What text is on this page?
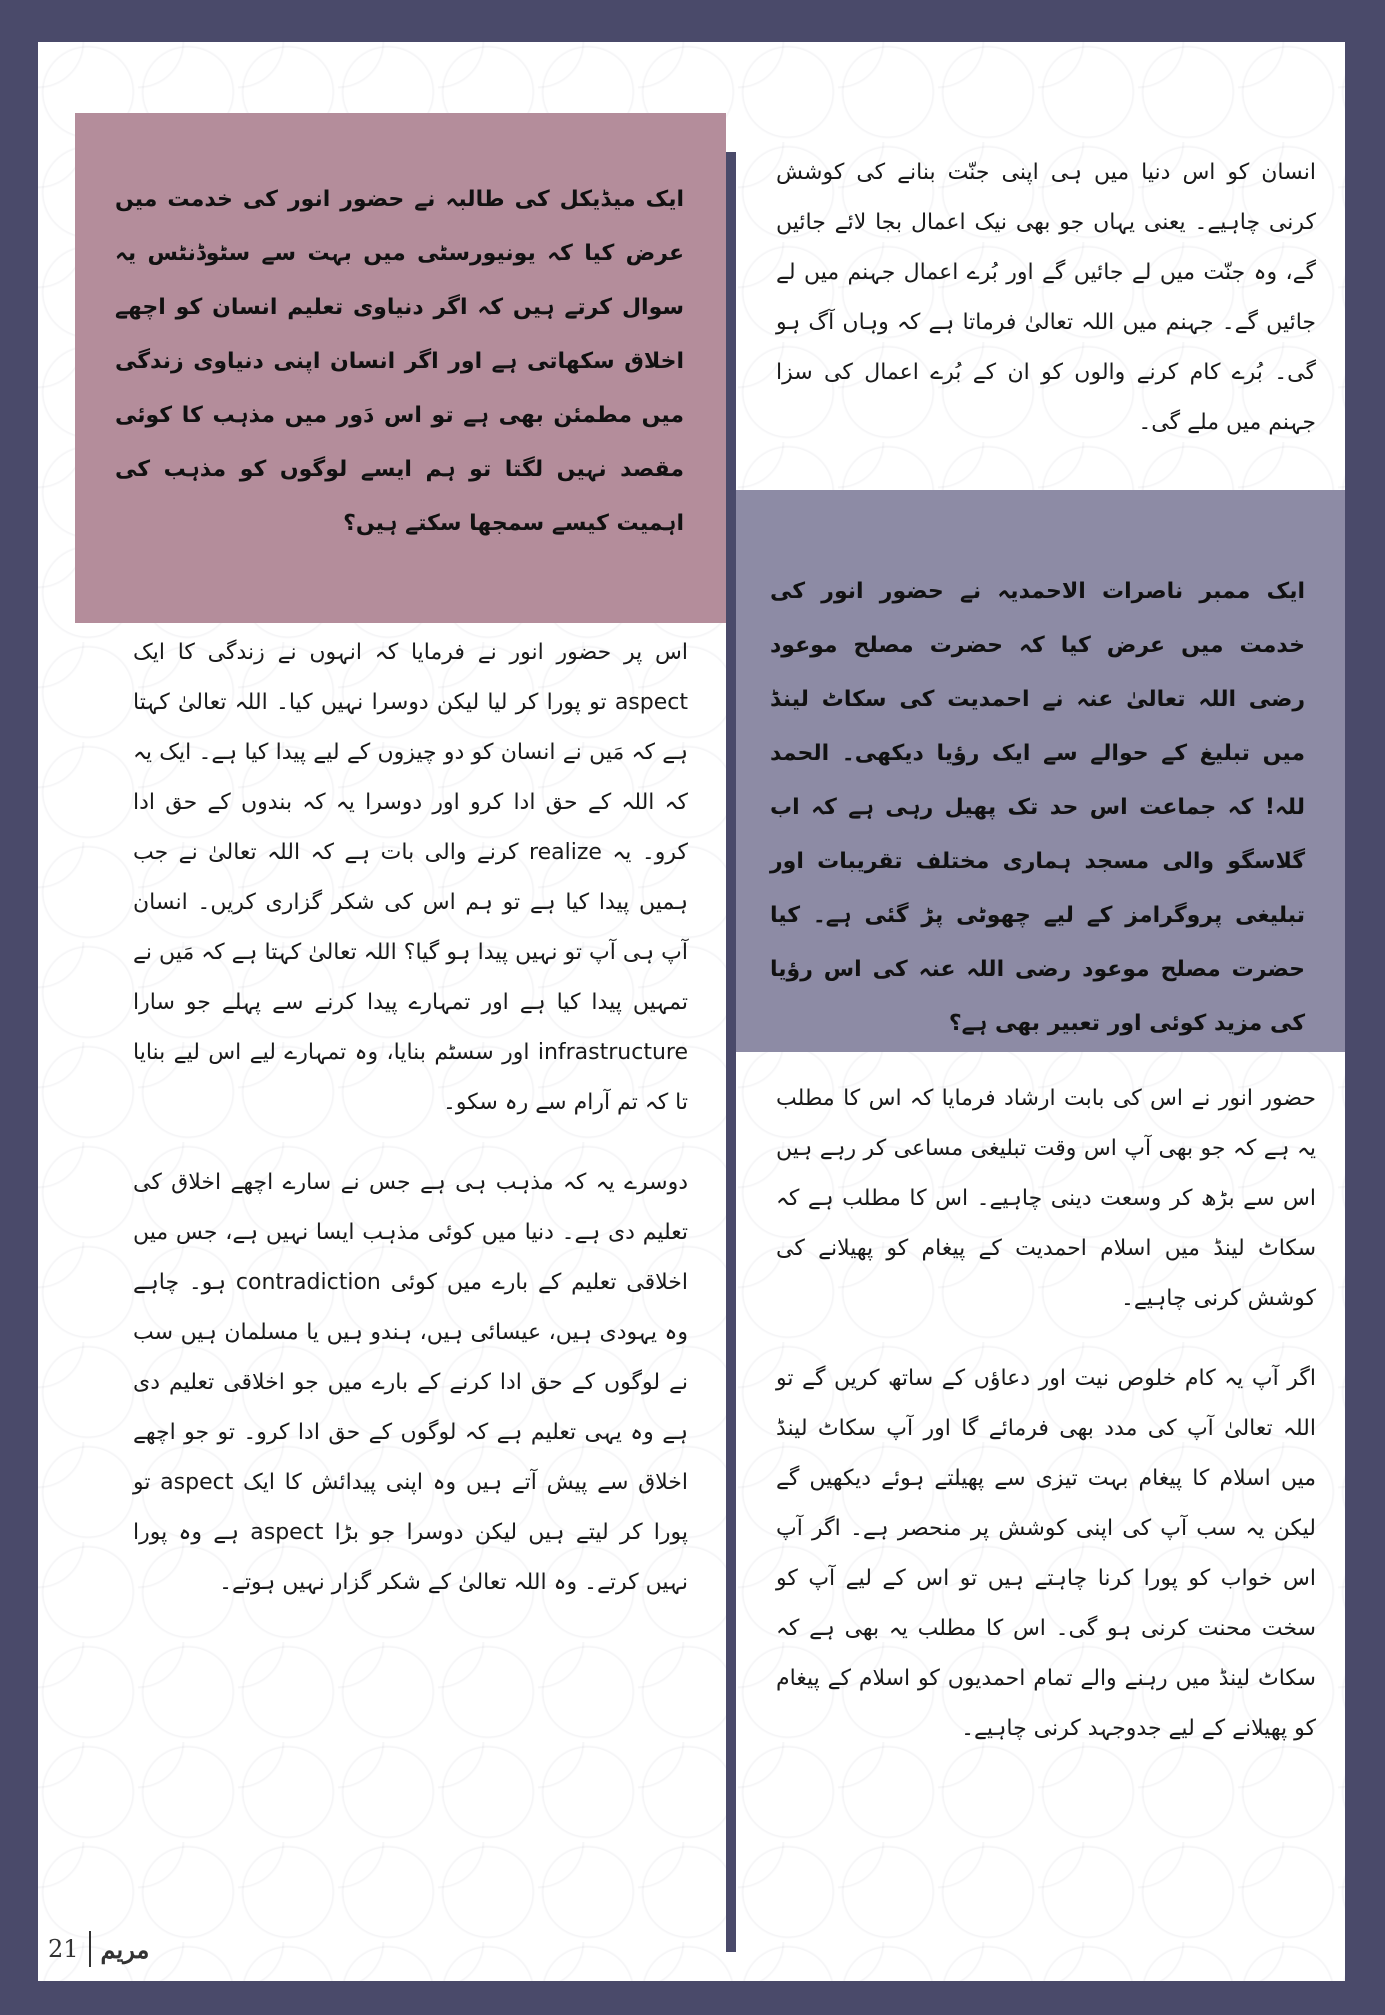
ایک میڈیکل کی طالبہ نے حضور انور کی خدمت میں عرض کیا کہ یونیورسٹی میں بہت سے سٹوڈنٹس یہ سوال کرتے ہیں کہ اگر دنیاوی تعلیم انسان کو اچھے اخلاق سکھاتی ہے اور اگر انسان اپنی دنیاوی زندگی میں مطمئن بھی ہے تو اس دَور میں مذہب کا کوئی مقصد نہیں لگتا تو ہم ایسے لوگوں کو مذہب کی اہمیت کیسے سمجھا سکتے ہیں؟

ایک ممبر ناصرات الاحمدیہ نے حضور انور کی خدمت میں عرض کیا کہ حضرت مصلح موعود رضی اللہ تعالیٰ عنہ نے احمدیت کی سکاٹ لینڈ میں تبلیغ کے حوالے سے ایک رؤیا دیکھی۔ الحمد للہ! کہ جماعت اس حد تک پھیل رہی ہے کہ اب گلاسگو والی مسجد ہماری مختلف تقریبات اور تبلیغی پروگرامز کے لیے چھوٹی پڑ گئی ہے۔ کیا حضرت مصلح موعود رضی اللہ عنہ کی اس رؤیا کی مزید کوئی اور تعبیر بھی ہے؟

اس پر حضور انور نے فرمایا کہ انہوں نے زندگی کا ایک aspect تو پورا کر لیا لیکن دوسرا نہیں کیا۔ اللہ تعالیٰ کہتا ہے کہ مَیں نے انسان کو دو چیزوں کے لیے پیدا کیا ہے۔ ایک یہ کہ اللہ کے حق ادا کرو اور دوسرا یہ کہ بندوں کے حق ادا کرو۔ یہ realize کرنے والی بات ہے کہ اللہ تعالیٰ نے جب ہمیں پیدا کیا ہے تو ہم اس کی شکر گزاری کریں۔ انسان آپ ہی آپ تو نہیں پیدا ہو گیا؟ اللہ تعالیٰ کہتا ہے کہ مَیں نے تمہیں پیدا کیا ہے اور تمہارے پیدا کرنے سے پہلے جو سارا infrastructure اور سسٹم بنایا، وہ تمہارے لیے اس لیے بنایا تا کہ تم آرام سے رہ سکو۔

دوسرے یہ کہ مذہب ہی ہے جس نے سارے اچھے اخلاق کی تعلیم دی ہے۔ دنیا میں کوئی مذہب ایسا نہیں ہے، جس میں اخلاقی تعلیم کے بارے میں کوئی contradiction ہو۔ چاہے وہ یہودی ہیں، عیسائی ہیں، ہندو ہیں یا مسلمان ہیں سب نے لوگوں کے حق ادا کرنے کے بارے میں جو اخلاقی تعلیم دی ہے وہ یہی تعلیم ہے کہ لوگوں کے حق ادا کرو۔ تو جو اچھے اخلاق سے پیش آتے ہیں وہ اپنی پیدائش کا ایک aspect تو پورا کر لیتے ہیں لیکن دوسرا جو بڑا aspect ہے وہ پورا نہیں کرتے۔ وہ اللہ تعالیٰ کے شکر گزار نہیں ہوتے۔

انسان کو اس دنیا میں ہی اپنی جنّت بنانے کی کوشش کرنی چاہیے۔ یعنی یہاں جو بھی نیک اعمال بجا لائے جائیں گے، وہ جنّت میں لے جائیں گے اور بُرے اعمال جہنم میں لے جائیں گے۔ جہنم میں اللہ تعالیٰ فرماتا ہے کہ وہاں آگ ہو گی۔ بُرے کام کرنے والوں کو ان کے بُرے اعمال کی سزا جہنم میں ملے گی۔

حضور انور نے اس کی بابت ارشاد فرمایا کہ اس کا مطلب یہ ہے کہ جو بھی آپ اس وقت تبلیغی مساعی کر رہے ہیں اس سے بڑھ کر وسعت دینی چاہیے۔ اس کا مطلب ہے کہ سکاٹ لینڈ میں اسلام احمدیت کے پیغام کو پھیلانے کی کوشش کرنی چاہیے۔

اگر آپ یہ کام خلوص نیت اور دعاؤں کے ساتھ کریں گے تو اللہ تعالیٰ آپ کی مدد بھی فرمائے گا اور آپ سکاٹ لینڈ میں اسلام کا پیغام بہت تیزی سے پھیلتے ہوئے دیکھیں گے لیکن یہ سب آپ کی اپنی کوشش پر منحصر ہے۔ اگر آپ اس خواب کو پورا کرنا چاہتے ہیں تو اس کے لیے آپ کو سخت محنت کرنی ہو گی۔ اس کا مطلب یہ بھی ہے کہ سکاٹ لینڈ میں رہنے والے تمام احمدیوں کو اسلام کے پیغام کو پھیلانے کے لیے جدوجہد کرنی چاہیے۔

21 مریم
